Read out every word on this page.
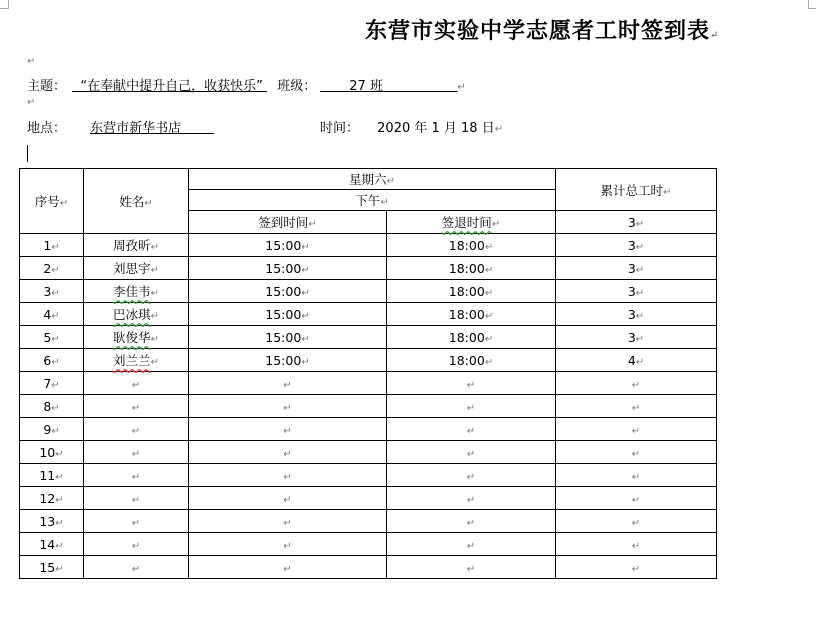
东营市实验中学志愿者工时签到表↵
↵
主题： “在奉献中提升自己，收获快乐” 班级：	27 班	↵
↵
地点： 东营市新华书店	时间： 2020 年 1 月 18 日↵
序号↵	姓名↵	星期六↵		累计总工时↵
		下午↵		
		签到时间↵	签退时间↵	3↵
1↵	周孜昕↵	15:00↵	18:00↵	3↵
2↵	刘思宇↵	15:00↵	18:00↵	3↵
3↵	李佳韦↵	15:00↵	18:00↵	3↵
4↵	巴冰琪↵	15:00↵	18:00↵	3↵
5↵	耿俊华↵	15:00↵	18:00↵	3↵
6↵	刘兰兰↵	15:00↵	18:00↵	4↵
7↵	↵	↵	↵	↵
8↵	↵	↵	↵	↵
9↵	↵	↵	↵	↵
10↵	↵	↵	↵	↵
11↵	↵	↵	↵	↵
12↵	↵	↵	↵	↵
13↵	↵	↵	↵	↵
14↵	↵	↵	↵	↵
15↵	↵	↵	↵	↵
